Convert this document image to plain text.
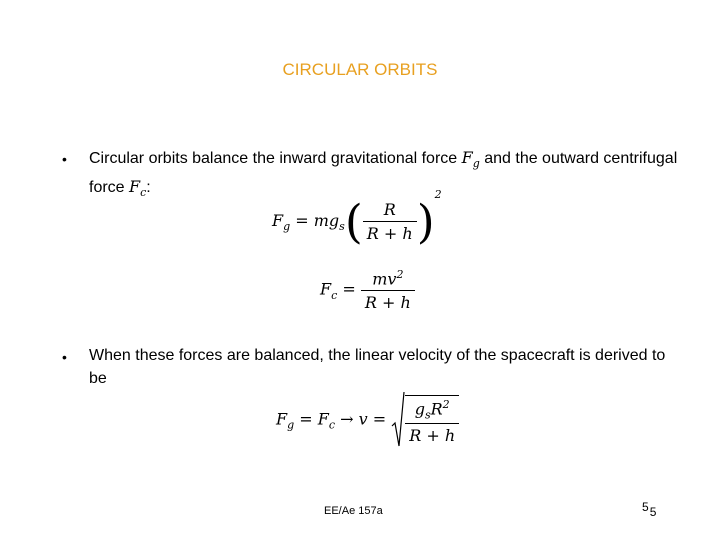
CIRCULAR ORBITS
• Circular orbits balance the inward gravitational force $F_g$ and the outward centrifugal force $F_c$:
$F_g = mg_s( \frac{R}{R + h} )^2$
$F_c = \frac{mv^2}{R + h}$
• When these forces are balanced, the linear velocity of the spacecraft is derived to be
$F_g = F_c \to v = \frac{g_sR^2}{R + h}$
EE/Ae 157a	55
